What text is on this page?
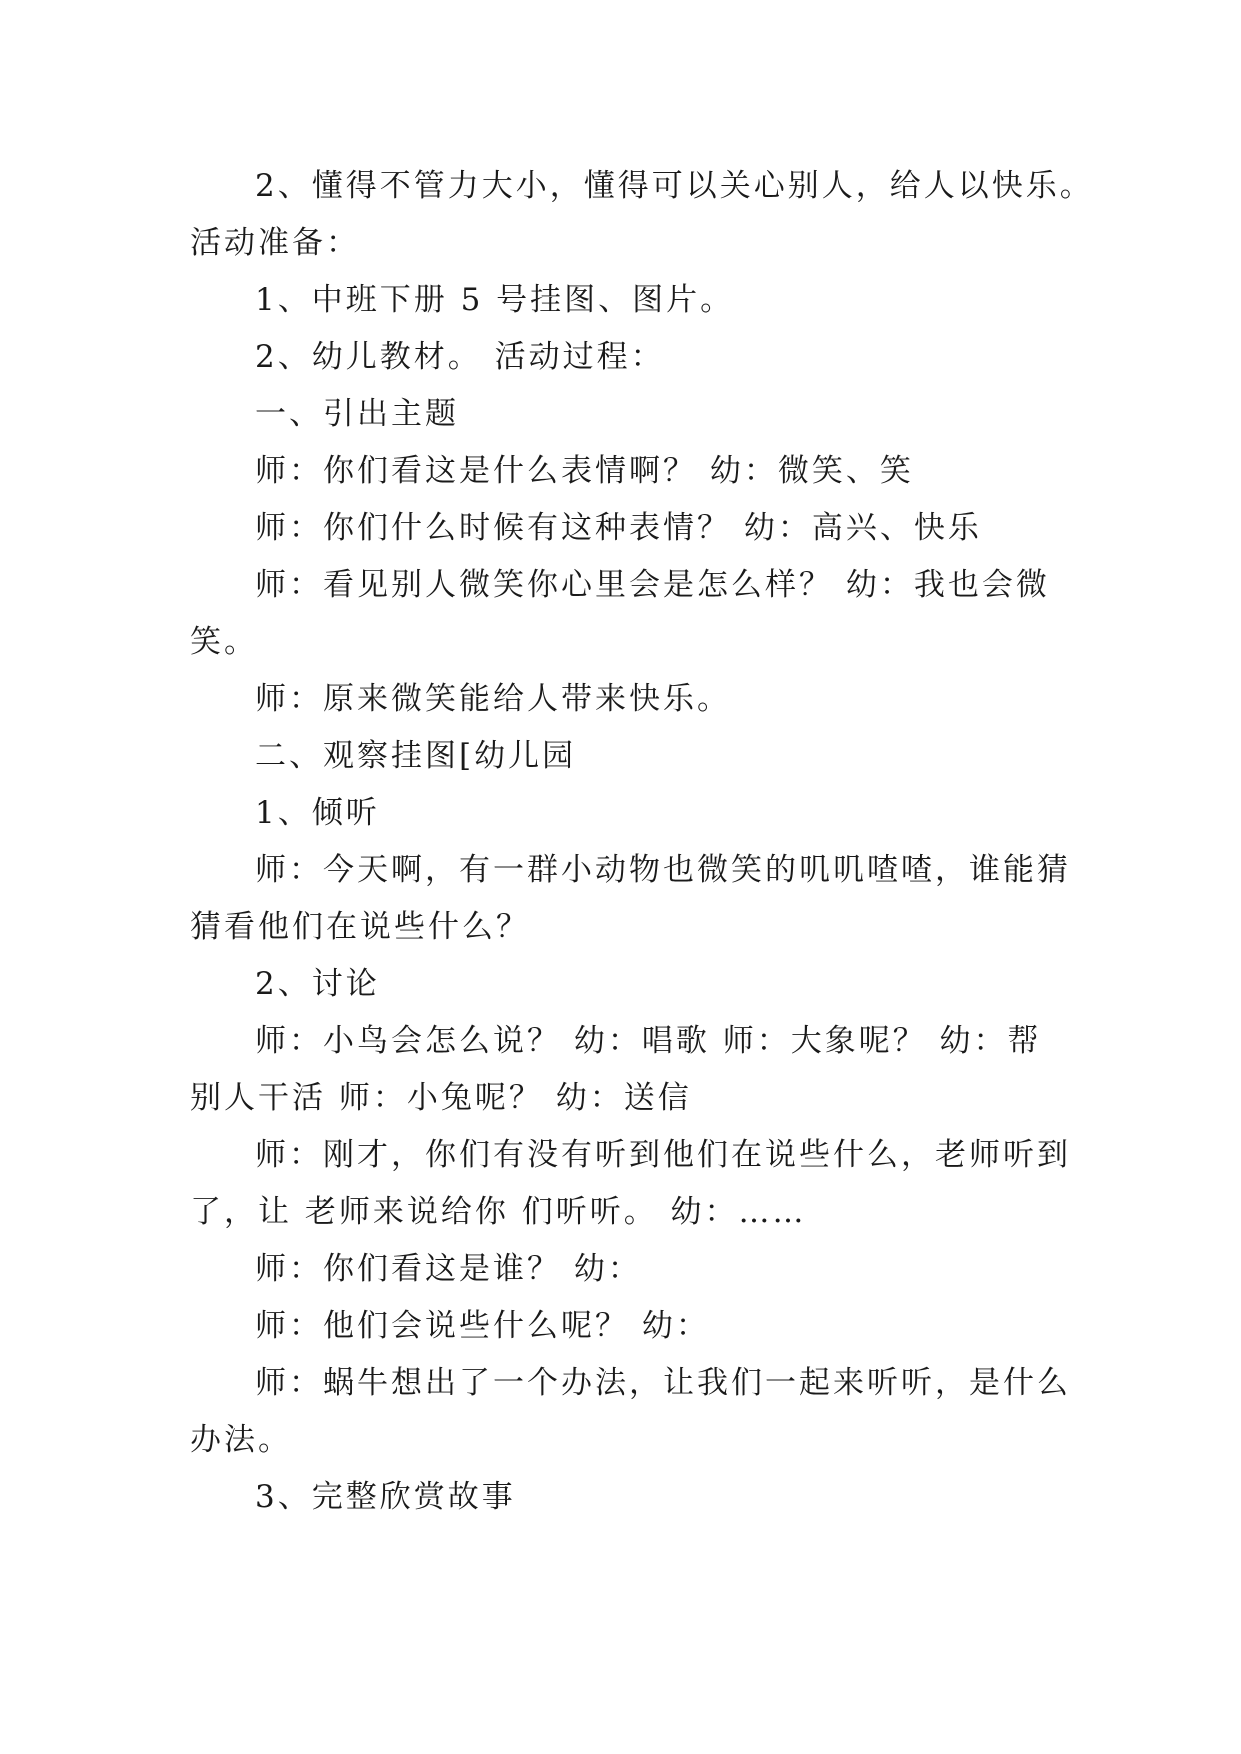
2、懂得不管力大小，懂得可以关心别人，给人以快乐。

活动准备：

1、中班下册 5 号挂图、图片。

2、幼儿教材。 活动过程：

一、引出主题

师：你们看这是什么表情啊？ 幼：微笑、笑

师：你们什么时候有这种表情？ 幼：高兴、快乐

师：看见别人微笑你心里会是怎么样？ 幼：我也会微

笑。

师：原来微笑能给人带来快乐。

二、观察挂图[幼儿园

1、倾听

师：今天啊，有一群小动物也微笑的叽叽喳喳，谁能猜

猜看他们在说些什么？

2、讨论

师：小鸟会怎么说？ 幼：唱歌 师：大象呢？ 幼：帮

别人干活 师：小兔呢？ 幼：送信

师：刚才，你们有没有听到他们在说些什么，老师听到

了，让 老师来说给你 们听听。 幼：……

师：你们看这是谁？ 幼：

师：他们会说些什么呢？ 幼：

师：蜗牛想出了一个办法，让我们一起来听听，是什么

办法。

3、完整欣赏故事
